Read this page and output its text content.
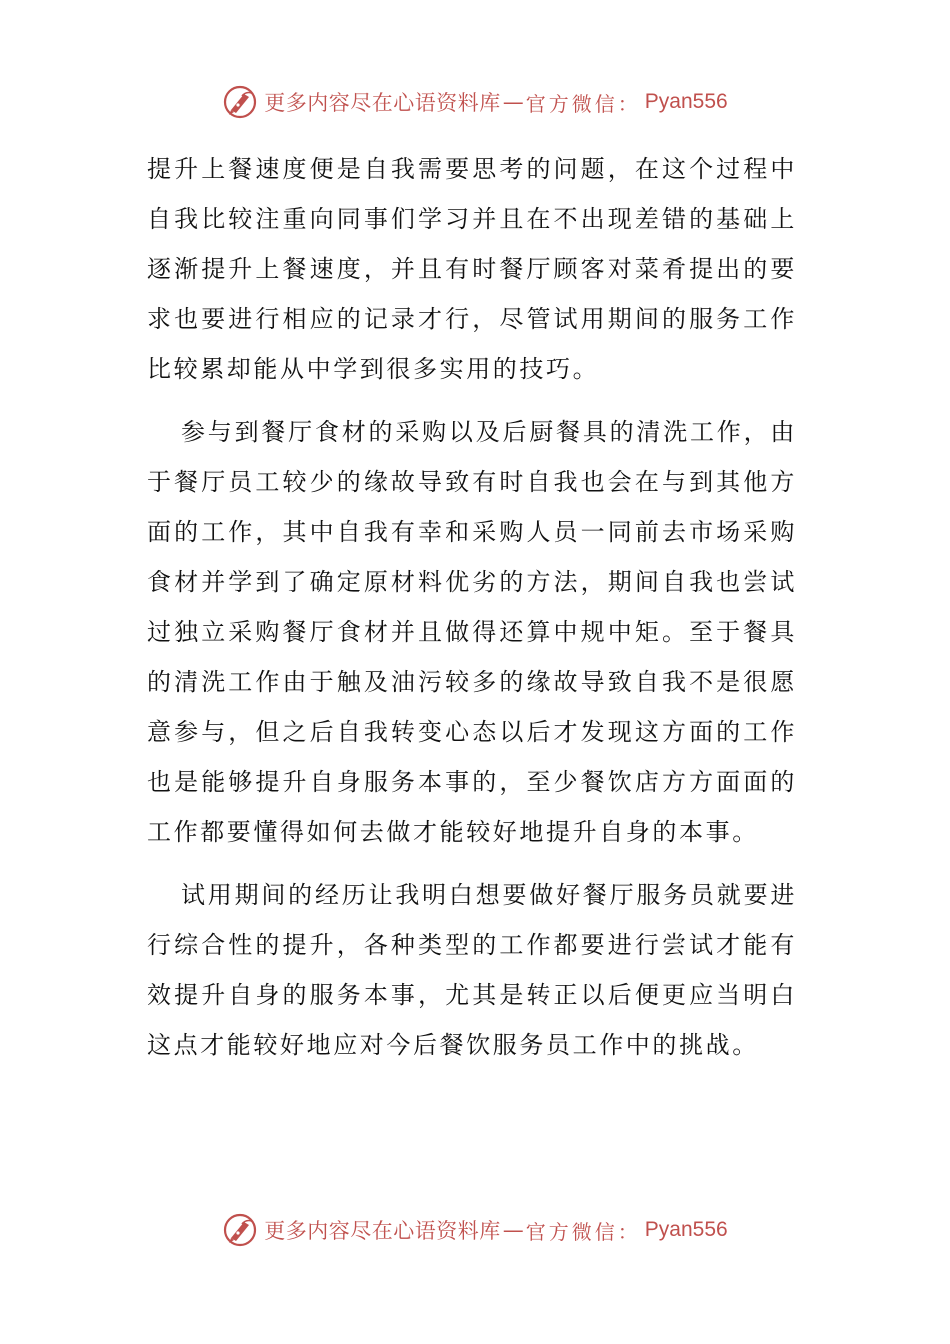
更多内容尽在心语资料库 — 官方微信： Pyan556

提升上餐速度便是自我需要思考的问题，在这个过程中自我比较注重向同事们学习并且在不出现差错的基础上逐渐提升上餐速度，并且有时餐厅顾客对菜肴提出的要求也要进行相应的记录才行，尽管试用期间的服务工作比较累却能从中学到很多实用的技巧。

参与到餐厅食材的采购以及后厨餐具的清洗工作，由于餐厅员工较少的缘故导致有时自我也会在与到其他方面的工作，其中自我有幸和采购人员一同前去市场采购食材并学到了确定原材料优劣的方法，期间自我也尝试过独立采购餐厅食材并且做得还算中规中矩。至于餐具的清洗工作由于触及油污较多的缘故导致自我不是很愿意参与，但之后自我转变心态以后才发现这方面的工作也是能够提升自身服务本事的，至少餐饮店方方面面的工作都要懂得如何去做才能较好地提升自身的本事。

试用期间的经历让我明白想要做好餐厅服务员就要进行综合性的提升，各种类型的工作都要进行尝试才能有效提升自身的服务本事，尤其是转正以后便更应当明白这点才能较好地应对今后餐饮服务员工作中的挑战。

更多内容尽在心语资料库 — 官方微信： Pyan556
